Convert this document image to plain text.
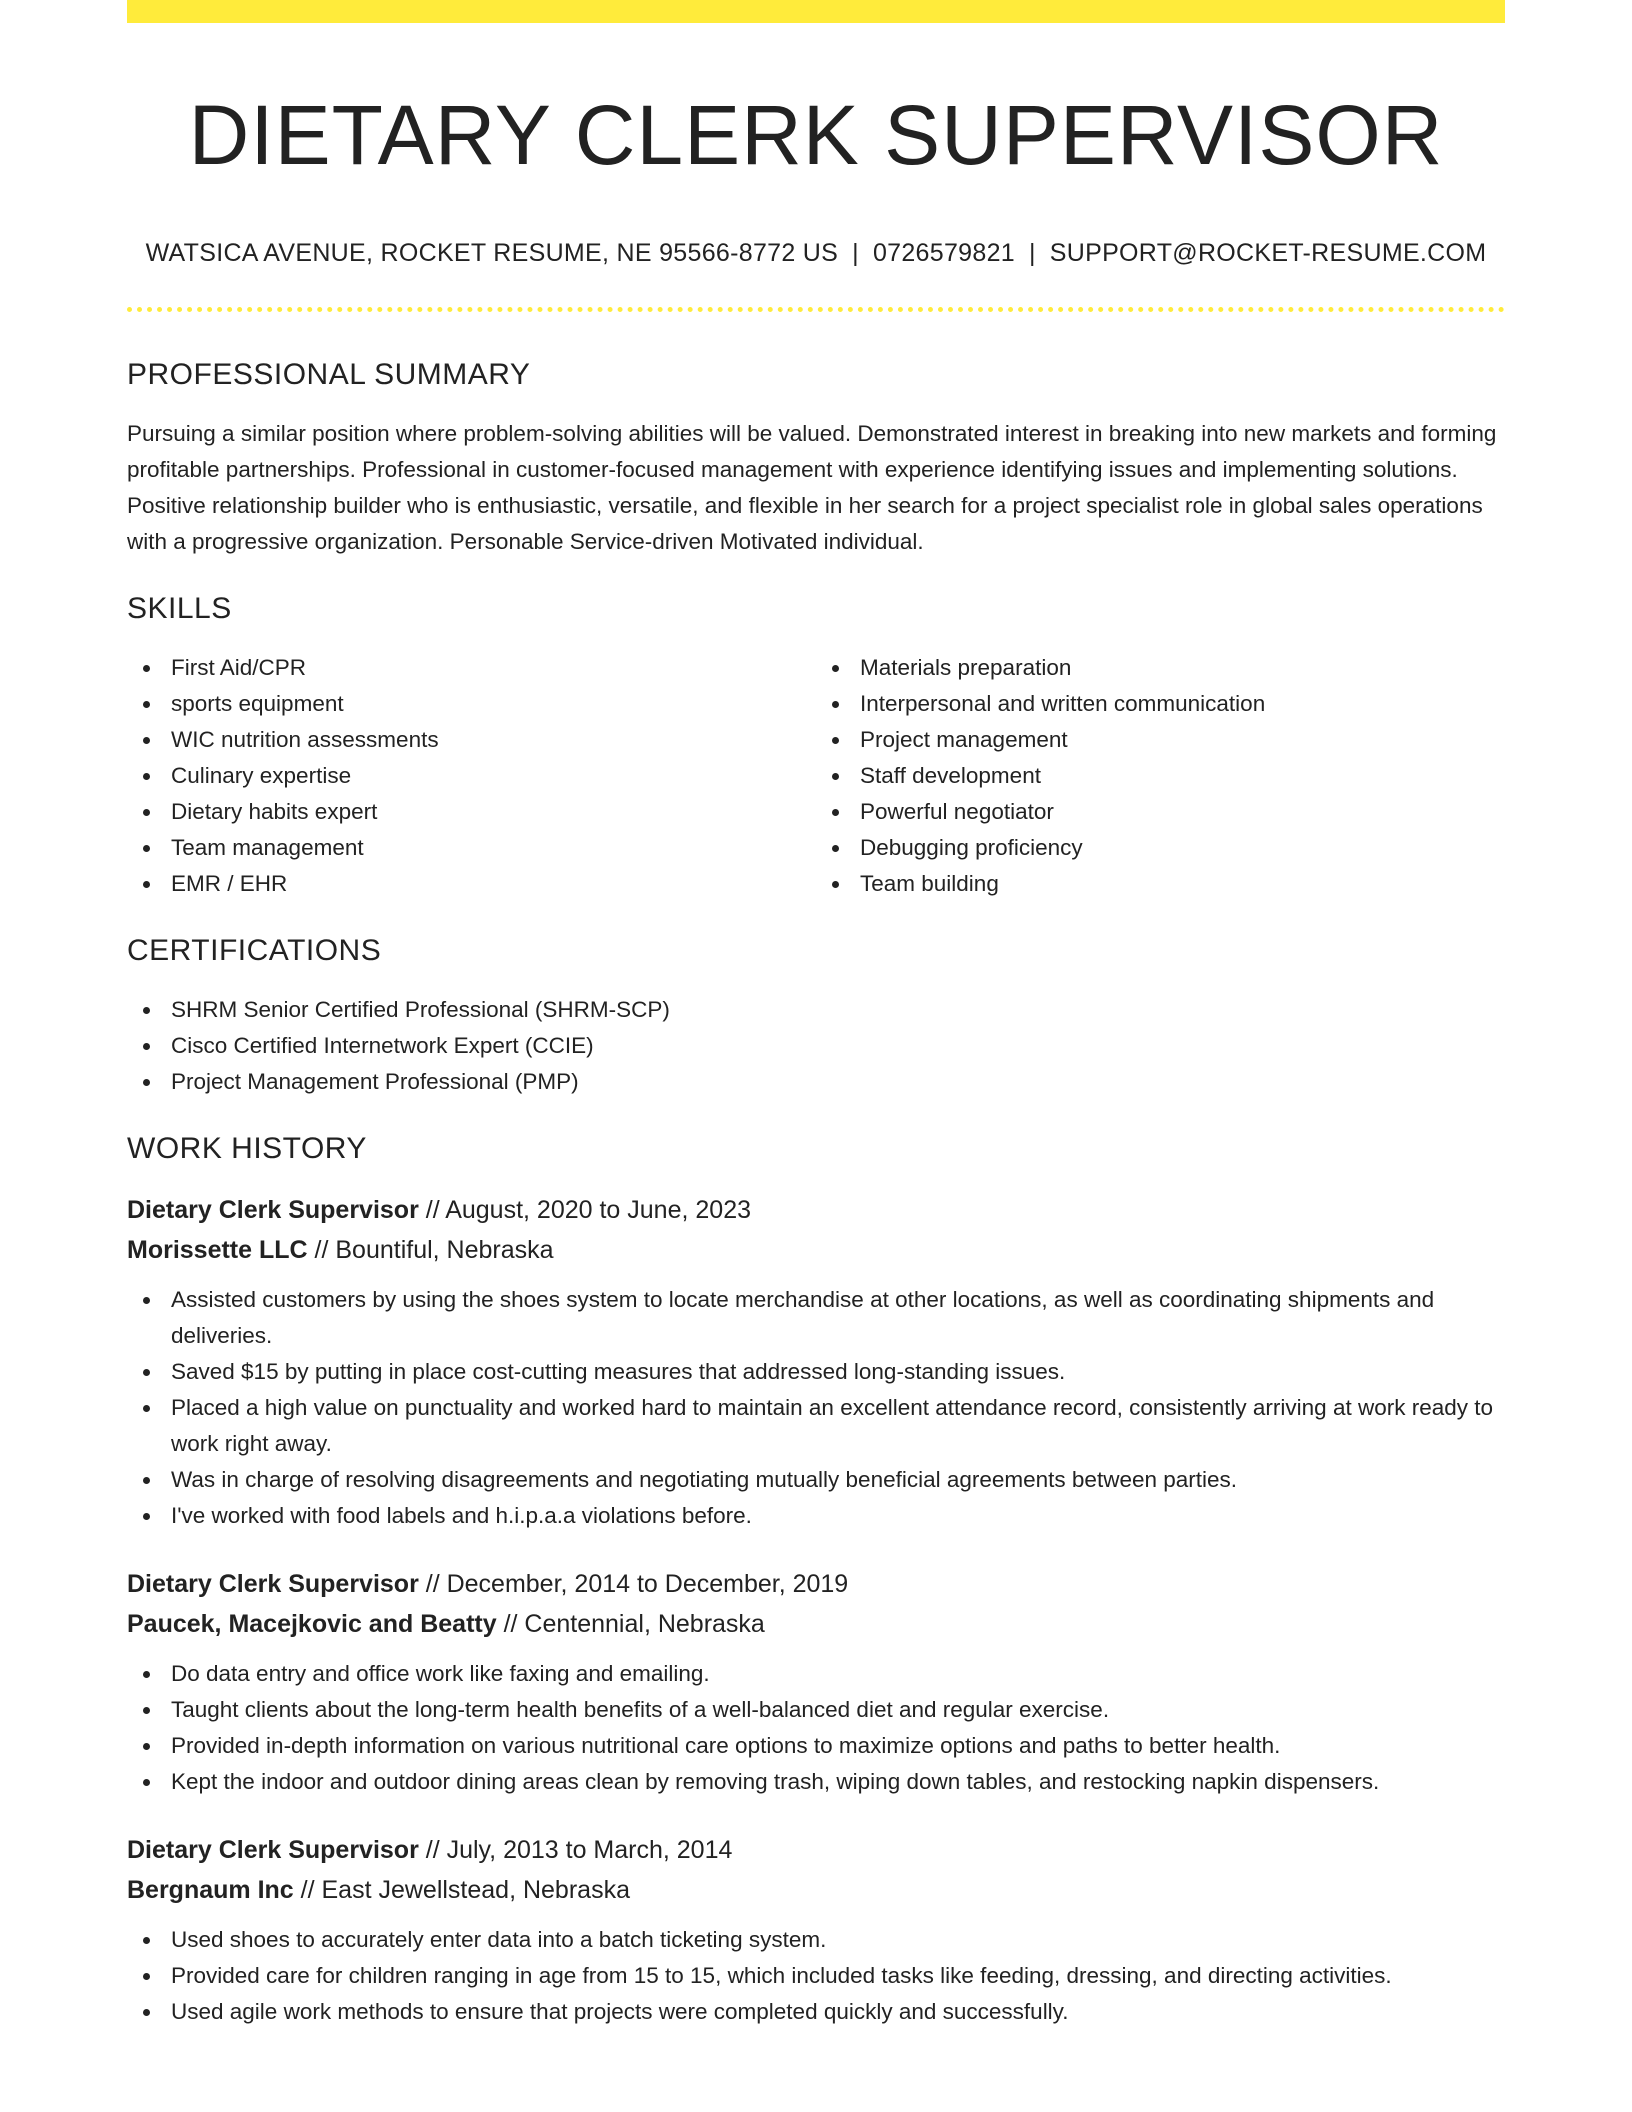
DIETARY CLERK SUPERVISOR
WATSICA AVENUE, ROCKET RESUME, NE 95566-8772 US | 0726579821 | SUPPORT@ROCKET-RESUME.COM
PROFESSIONAL SUMMARY

Pursuing a similar position where problem-solving abilities will be valued. Demonstrated interest in breaking into new markets and forming profitable partnerships. Professional in customer-focused management with experience identifying issues and implementing solutions. Positive relationship builder who is enthusiastic, versatile, and flexible in her search for a project specialist role in global sales operations with a progressive organization. Personable Service-driven Motivated individual.

SKILLS
First Aid/CPR
sports equipment
WIC nutrition assessments
Culinary expertise
Dietary habits expert
Team management
EMR / EHR
Materials preparation
Interpersonal and written communication
Project management
Staff development
Powerful negotiator
Debugging proficiency
Team building
CERTIFICATIONS
SHRM Senior Certified Professional (SHRM-SCP)
Cisco Certified Internetwork Expert (CCIE)
Project Management Professional (PMP)
WORK HISTORY
Dietary Clerk Supervisor // August, 2020 to June, 2023
Morissette LLC // Bountiful, Nebraska
Assisted customers by using the shoes system to locate merchandise at other locations, as well as coordinating shipments and deliveries.
Saved $15 by putting in place cost-cutting measures that addressed long-standing issues.
Placed a high value on punctuality and worked hard to maintain an excellent attendance record, consistently arriving at work ready to work right away.
Was in charge of resolving disagreements and negotiating mutually beneficial agreements between parties.
I've worked with food labels and h.i.p.a.a violations before.
Dietary Clerk Supervisor // December, 2014 to December, 2019
Paucek, Macejkovic and Beatty // Centennial, Nebraska
Do data entry and office work like faxing and emailing.
Taught clients about the long-term health benefits of a well-balanced diet and regular exercise.
Provided in-depth information on various nutritional care options to maximize options and paths to better health.
Kept the indoor and outdoor dining areas clean by removing trash, wiping down tables, and restocking napkin dispensers.
Dietary Clerk Supervisor // July, 2013 to March, 2014
Bergnaum Inc // East Jewellstead, Nebraska
Used shoes to accurately enter data into a batch ticketing system.
Provided care for children ranging in age from 15 to 15, which included tasks like feeding, dressing, and directing activities.
Used agile work methods to ensure that projects were completed quickly and successfully.
